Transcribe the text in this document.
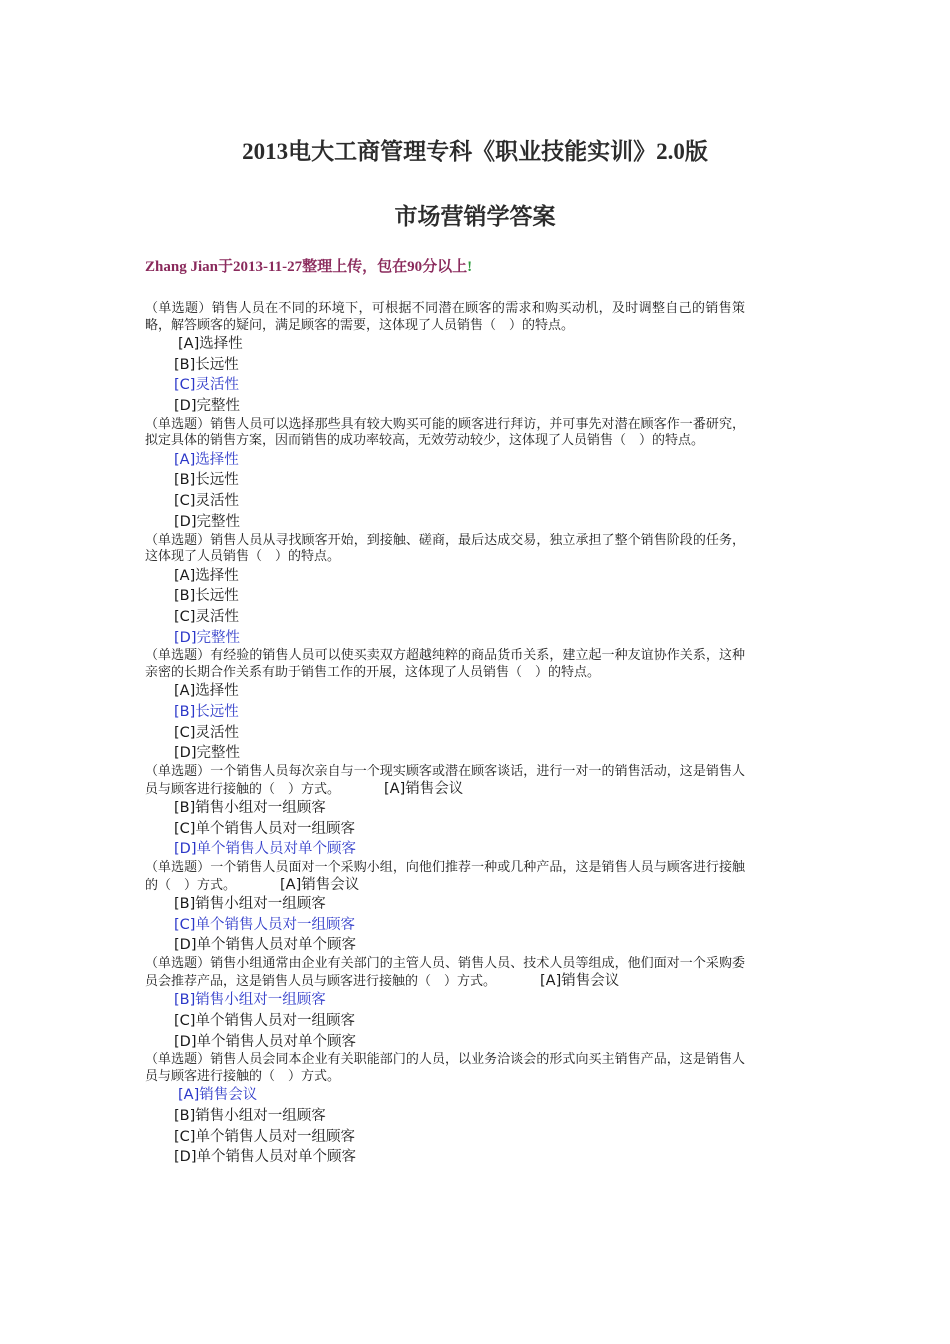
2013电大工商管理专科《职业技能实训》2.0版
市场营销学答案

Zhang Jian于2013-11-27整理上传，包在90分以上!

（单选题）销售人员在不同的环境下，可根据不同潜在顾客的需求和购买动机，及时调整自己的销售策略，解答顾客的疑问，满足顾客的需要，这体现了人员销售（　）的特点。

[A]选择性
[B]长远性
[C]灵活性
[D]完整性

（单选题）销售人员可以选择那些具有较大购买可能的顾客进行拜访，并可事先对潜在顾客作一番研究，拟定具体的销售方案，因而销售的成功率较高，无效劳动较少，这体现了人员销售（　）的特点。

[A]选择性
[B]长远性
[C]灵活性
[D]完整性

（单选题）销售人员从寻找顾客开始，到接触、磋商，最后达成交易，独立承担了整个销售阶段的任务，这体现了人员销售（　）的特点。

[A]选择性
[B]长远性
[C]灵活性
[D]完整性

（单选题）有经验的销售人员可以使买卖双方超越纯粹的商品货币关系，建立起一种友谊协作关系，这种亲密的长期合作关系有助于销售工作的开展，这体现了人员销售（　）的特点。

[A]选择性
[B]长远性
[C]灵活性
[D]完整性

（单选题）一个销售人员每次亲自与一个现实顾客或潜在顾客谈话，进行一对一的销售活动，这是销售人员与顾客进行接触的（　）方式。	[A]销售会议

[B]销售小组对一组顾客
[C]单个销售人员对一组顾客
[D]单个销售人员对单个顾客

（单选题）一个销售人员面对一个采购小组，向他们推荐一种或几种产品，这是销售人员与顾客进行接触的（　）方式。	[A]销售会议

[B]销售小组对一组顾客
[C]单个销售人员对一组顾客
[D]单个销售人员对单个顾客

（单选题）销售小组通常由企业有关部门的主管人员、销售人员、技术人员等组成，他们面对一个采购委员会推荐产品，这是销售人员与顾客进行接触的（　）方式。	[A]销售会议

[B]销售小组对一组顾客
[C]单个销售人员对一组顾客
[D]单个销售人员对单个顾客

（单选题）销售人员会同本企业有关职能部门的人员，以业务洽谈会的形式向买主销售产品，这是销售人员与顾客进行接触的（　）方式。

[A]销售会议
[B]销售小组对一组顾客
[C]单个销售人员对一组顾客
[D]单个销售人员对单个顾客
